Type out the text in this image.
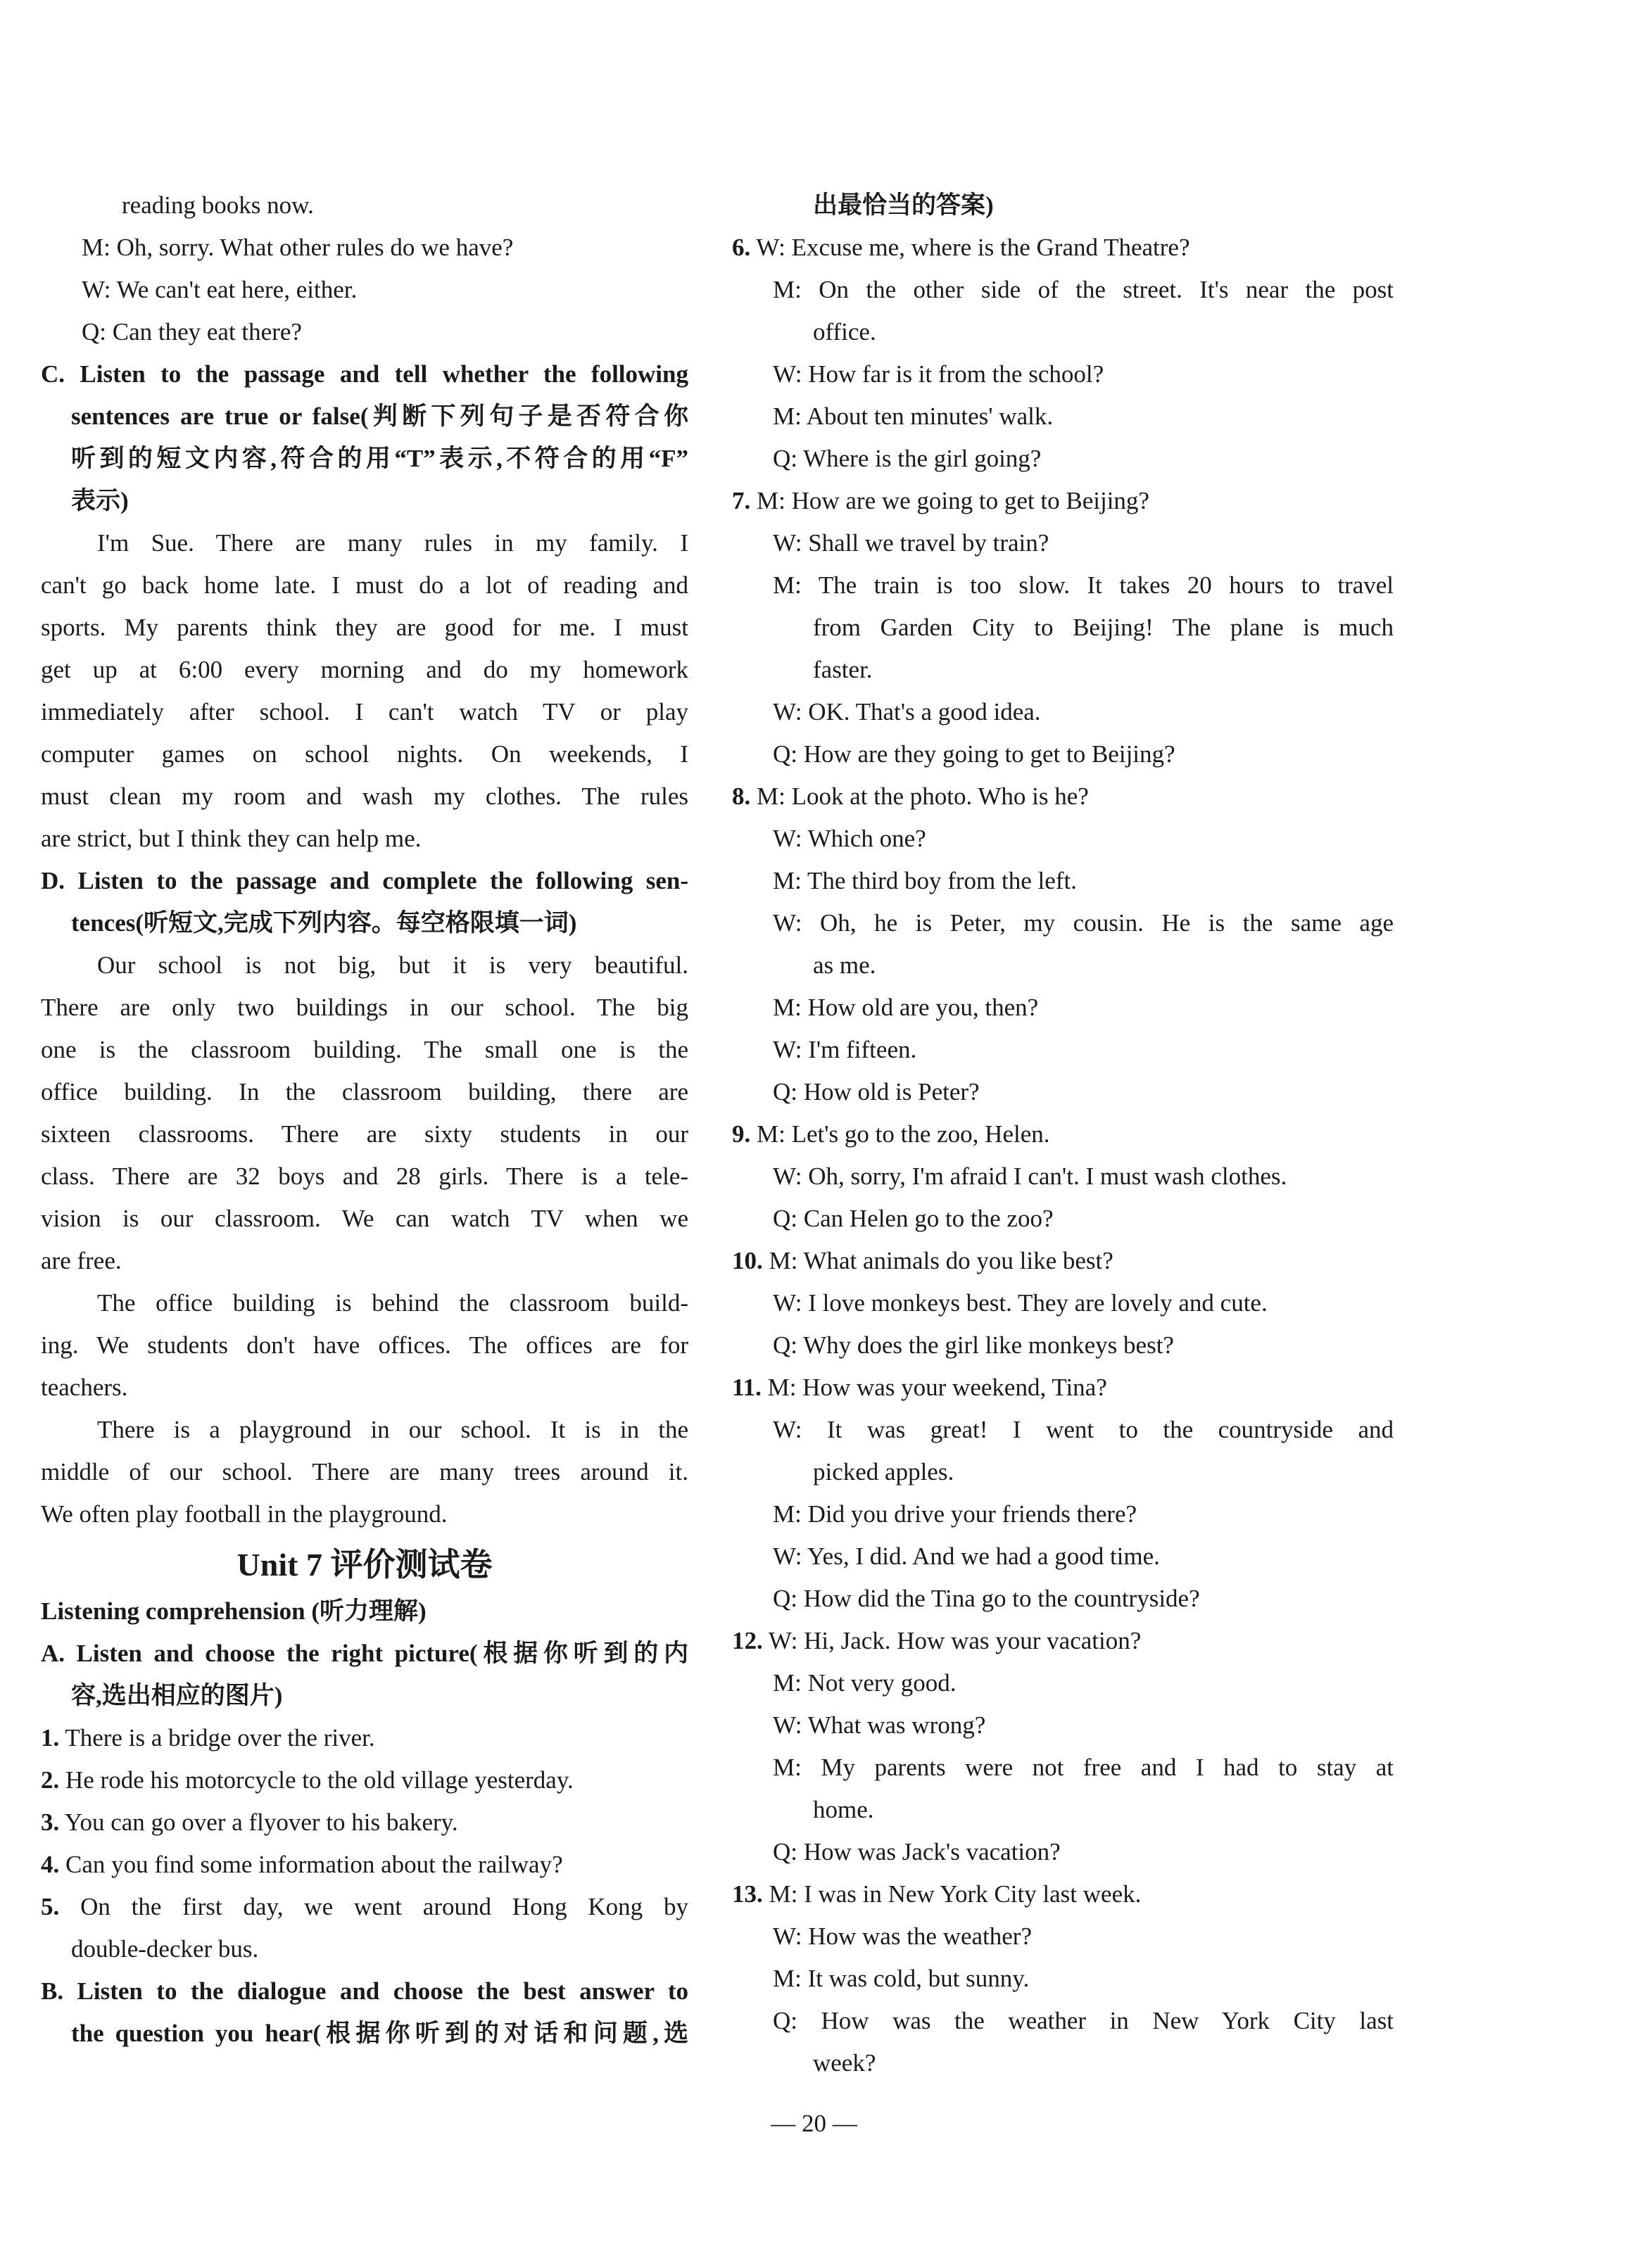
reading books now.
M: Oh, sorry. What other rules do we have?
W: We can't eat here, either.
Q: Can they eat there?
C. Listen to the passage and tell whether the following
sentences are true or false(判断下列句子是否符合你
听到的短文内容,符合的用“T”表示,不符合的用“F”
表示)
I'm Sue. There are many rules in my family. I
can't go back home late. I must do a lot of reading and
sports. My parents think they are good for me. I must
get up at 6:00 every morning and do my homework
immediately after school. I can't watch TV or play
computer games on school nights. On weekends, I
must clean my room and wash my clothes. The rules
are strict, but I think they can help me.
D. Listen to the passage and complete the following sen-
tences(听短文,完成下列内容。每空格限填一词)
Our school is not big, but it is very beautiful.
There are only two buildings in our school. The big
one is the classroom building. The small one is the
office building. In the classroom building, there are
sixteen classrooms. There are sixty students in our
class. There are 32 boys and 28 girls. There is a tele-
vision is our classroom. We can watch TV when we
are free.
The office building is behind the classroom build-
ing. We students don't have offices. The offices are for
teachers.
There is a playground in our school. It is in the
middle of our school. There are many trees around it.
We often play football in the playground.
Unit 7 评价测试卷
Listening comprehension (听力理解)
A. Listen and choose the right picture(根据你听到的内
容,选出相应的图片)
1. There is a bridge over the river.
2. He rode his motorcycle to the old village yesterday.
3. You can go over a flyover to his bakery.
4. Can you find some information about the railway?
5. On the first day, we went around Hong Kong by
double-decker bus.
B. Listen to the dialogue and choose the best answer to
the question you hear(根据你听到的对话和问题,选
出最恰当的答案)
6. W: Excuse me, where is the Grand Theatre?
M: On the other side of the street. It's near the post
office.
W: How far is it from the school?
M: About ten minutes' walk.
Q: Where is the girl going?
7. M: How are we going to get to Beijing?
W: Shall we travel by train?
M: The train is too slow. It takes 20 hours to travel
from Garden City to Beijing! The plane is much
faster.
W: OK. That's a good idea.
Q: How are they going to get to Beijing?
8. M: Look at the photo. Who is he?
W: Which one?
M: The third boy from the left.
W: Oh, he is Peter, my cousin. He is the same age
as me.
M: How old are you, then?
W: I'm fifteen.
Q: How old is Peter?
9. M: Let's go to the zoo, Helen.
W: Oh, sorry, I'm afraid I can't. I must wash clothes.
Q: Can Helen go to the zoo?
10. M: What animals do you like best?
W: I love monkeys best. They are lovely and cute.
Q: Why does the girl like monkeys best?
11. M: How was your weekend, Tina?
W: It was great! I went to the countryside and
picked apples.
M: Did you drive your friends there?
W: Yes, I did. And we had a good time.
Q: How did the Tina go to the countryside?
12. W: Hi, Jack. How was your vacation?
M: Not very good.
W: What was wrong?
M: My parents were not free and I had to stay at
home.
Q: How was Jack's vacation?
13. M: I was in New York City last week.
W: How was the weather?
M: It was cold, but sunny.
Q: How was the weather in New York City last
week?
— 20 —
